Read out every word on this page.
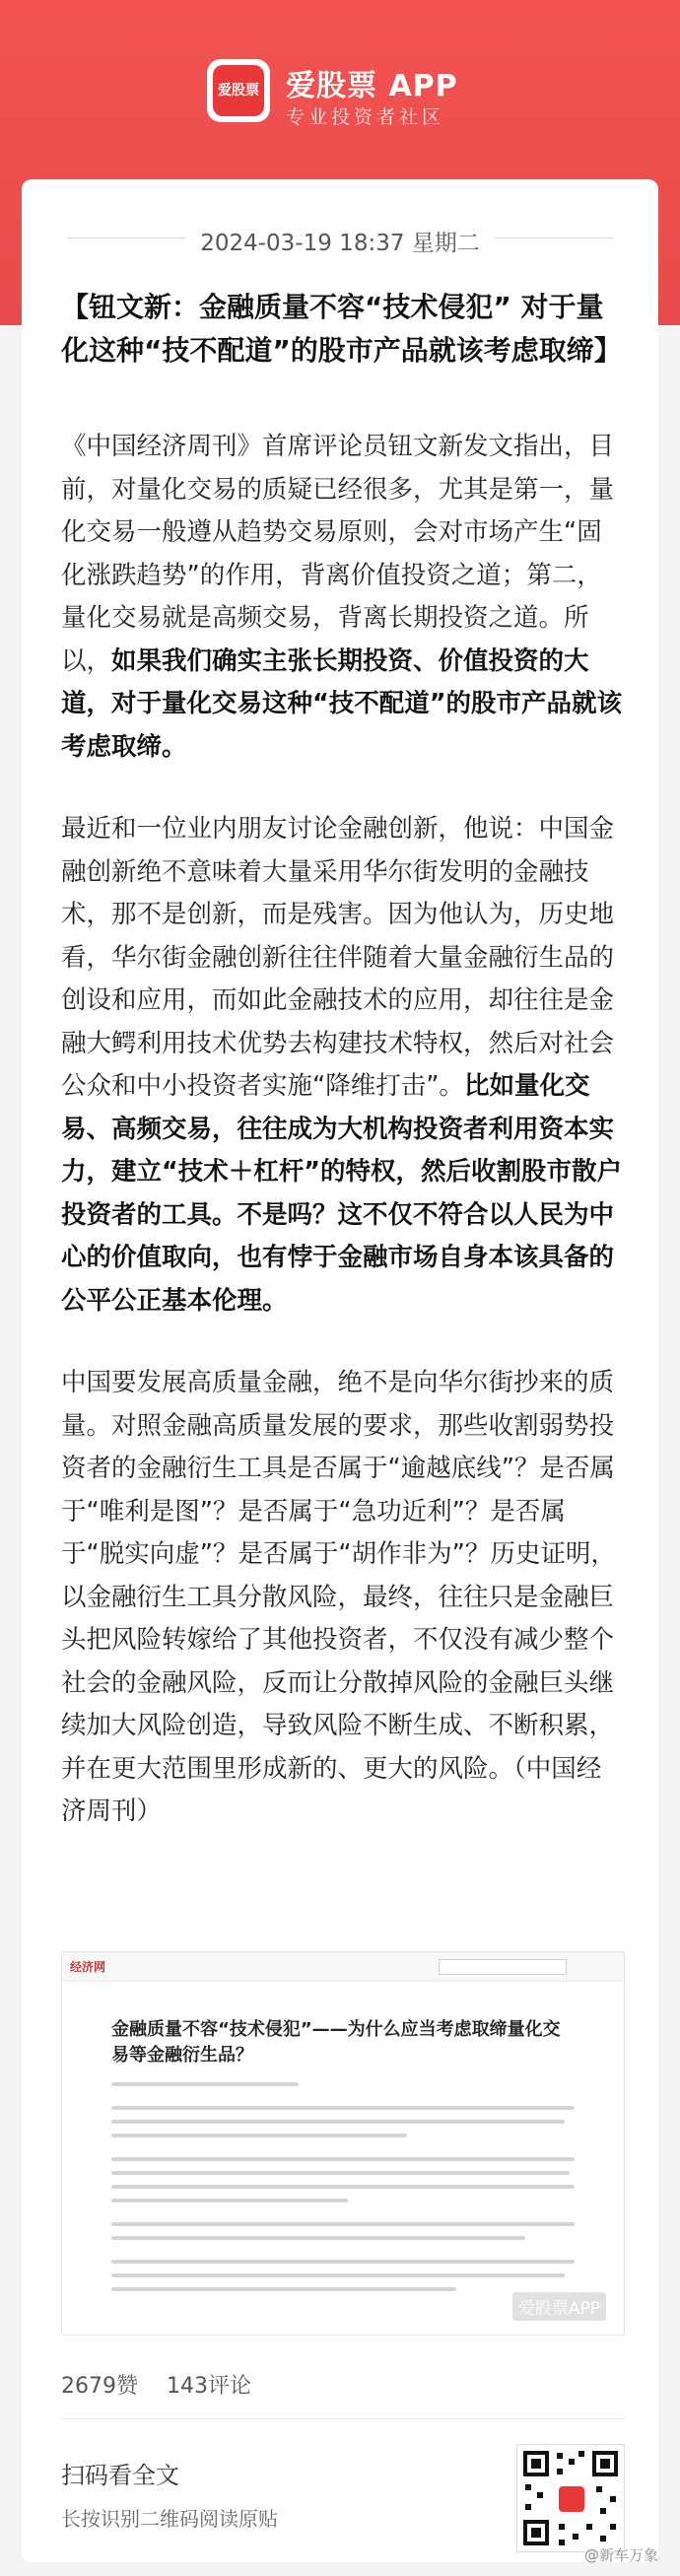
爱股票 爱股票 APP
专业投资者社区
2024-03-19 18:37 星期二
【钮文新：金融质量不容“技术侵犯” 对于量化这种“技不配道”的股市产品就该考虑取缔】

《中国经济周刊》首席评论员钮文新发文指出，目前，对量化交易的质疑已经很多，尤其是第一，量化交易一般遵从趋势交易原则，会对市场产生“固化涨跌趋势”的作用，背离价值投资之道；第二，量化交易就是高频交易，背离长期投资之道。所以，如果我们确实主张长期投资、价值投资的大道，对于量化交易这种“技不配道”的股市产品就该考虑取缔。

最近和一位业内朋友讨论金融创新，他说：中国金融创新绝不意味着大量采用华尔街发明的金融技术，那不是创新，而是残害。因为他认为，历史地看，华尔街金融创新往往伴随着大量金融衍生品的创设和应用，而如此金融技术的应用，却往往是金融大鳄利用技术优势去构建技术特权，然后对社会公众和中小投资者实施“降维打击”。比如量化交易、高频交易，往往成为大机构投资者利用资本实力，建立“技术＋杠杆”的特权，然后收割股市散户投资者的工具。不是吗？这不仅不符合以人民为中心的价值取向，也有悖于金融市场自身本该具备的公平公正基本伦理。

中国要发展高质量金融，绝不是向华尔街抄来的质量。对照金融高质量发展的要求，那些收割弱势投资者的金融衍生工具是否属于“逾越底线”？是否属于“唯利是图”？是否属于“急功近利”？是否属于“脱实向虚”？是否属于“胡作非为”？历史证明，以金融衍生工具分散风险，最终，往往只是金融巨头把风险转嫁给了其他投资者，不仅没有减少整个社会的金融风险，反而让分散掉风险的金融巨头继续加大风险创造，导致风险不断生成、不断积累，并在更大范围里形成新的、更大的风险。（中国经济周刊）

经济网
金融质量不容“技术侵犯”——为什么应当考虑取缔量化交易等金融衍生品？
爱股票APP
2679赞 143评论
扫码看全文
长按识别二维码阅读原贴
@新车万象
